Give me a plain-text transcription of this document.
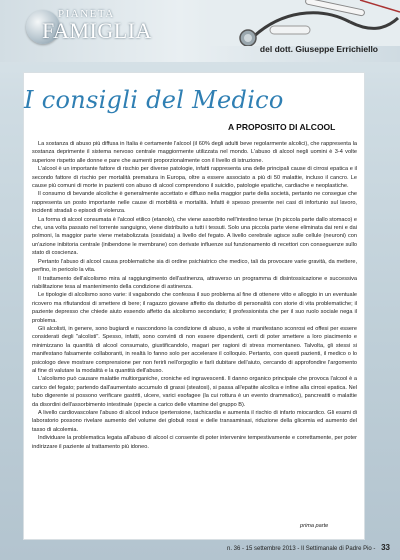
PIANETA
FAMIGLIA
del dott. Giuseppe Errichiello
I consigli del Medico
A PROPOSITO DI ALCOOL

La sostanza di abuso più diffusa in Italia è certamente l'alcool (il 60% degli adulti beve regolarmente alcolici), che rappresenta la sostanza deprimente il sistema nervoso centrale maggiormente utilizzata nel mondo. L'abuso di alcool negli uomini è 3-4 volte superiore rispetto alle donne e pare che aumenti proporzionalmente con il livello di istruzione.

L'alcool è un importante fattore di rischio per diverse patologie, infatti rappresenta una delle principali cause di cirrosi epatica e il secondo fattore di rischio per mortalità prematura in Europa, oltre a essere associato a più di 50 malattie, incluso il cancro. Le cause più comuni di morte in pazienti con abuso di alcool comprendono il suicidio, patologie epatiche, cardiache e neoplastiche.

Il consumo di bevande alcoliche è generalmente accettato e diffuso nella maggior parte della società, pertanto ne consegue che rappresenta un posto importante nelle cause di morbilità e mortalità. Infatti è spesso presente nei casi di infortunio sul lavoro, incidenti stradali o episodi di violenza.

La forma di alcool consumata è l'alcool etilico (etanolo), che viene assorbito nell'intestino tenue (in piccola parte dallo stomaco) e che, una volta passato nel torrente sanguigno, viene distribuito a tutti i tessuti. Solo una piccola parte viene eliminata dai reni e dai polmoni, la maggior parte viene metabolizzata (ossidata) a livello del fegato. A livello cerebrale agisce sulle cellule (neuroni) con un'azione inibitoria centrale (inibendone le membrane) con derivate influenze sul funzionamento di recettori con conseguenze sullo stato di coscienza.

Pertanto l'abuso di alcool causa problematiche sia di ordine psichiatrico che medico, tali da provocare varie gravità, da mettere, perfino, in pericolo la vita.

Il trattamento dell'alcolismo mira al raggiungimento dell'astinenza, attraverso un programma di disintossicazione e successiva riabilitazione tesa al mantenimento della condizione di astinenza.

Le tipologie di alcolismo sono varie: il vagabondo che confessa il suo problema al fine di ottenere vitto e alloggio in un eventuale ricovero ma rifiutandosi di smettere di bere; il ragazzo giovane affetto da disturbo di personalità con storie di vita problematiche; il paziente depresso che chiede aiuto essendo affetto da alcolismo secondario; il professionista che per il suo ruolo sociale nega il problema.

Gli alcolisti, in genere, sono bugiardi e nascondono la condizione di abuso, a volte si manifestano sconrosi ed offesi per essere considerati degli "alcolisti". Spesso, infatti, sono convinti di non essere dipendenti, certi di poter smettere a loro piacimento e minimizzano la quantità di alcool consumato, giustificandolo, magari per ragioni di stress momentaneo. Talvolta, gli stessi si manifestano falsamente collaboranti, in realtà lo fanno solo per accelerare il colloquio. Pertanto, con questi pazienti, il medico o lo psicologo deve mostrare comprensione per non ferirli nell'orgoglio e farli dubitare dell'aiuto, cercando di approfondire l'argomento al fine di valutare la modalità e la quantità dell'abuso.

L'alcolismo può causare malattie multiorganiche, croniche ed ingravescenti. Il danno organico principale che provoca l'alcool è a carico del fegato; partendo dall'aumentato accumulo di grassi (steatosi), si passa all'epatite alcolica e infine alla cirrosi epatica. Nel tubo digerente si possono verificare gastriti, ulcere, varici esofagee (la cui rottura è un evento drammatico), pancreatiti o malattie da disordini dell'assorbimento intestinale (specie a carico delle vitamine del gruppo B).

A livello cardiovascolare l'abuso di alcool induce ipertensione, tachicardia e aumenta il rischio di infarto miocardico. Gli esami di laboratorio possono rivelare aumento del volume dei globuli rossi e delle transaminasi, riduzione della glicemia ed aumento del tasso di alcolemia.

Individuare la problematica legata all'abuso di alcool ci consente di poter intervenire tempestivamente e correttamente, per poter indirizzare il paziente al trattamento più idoneo.

prima parte
n. 36 - 15 settembre 2013 - Il Settimanale di Padre Pio - 33
